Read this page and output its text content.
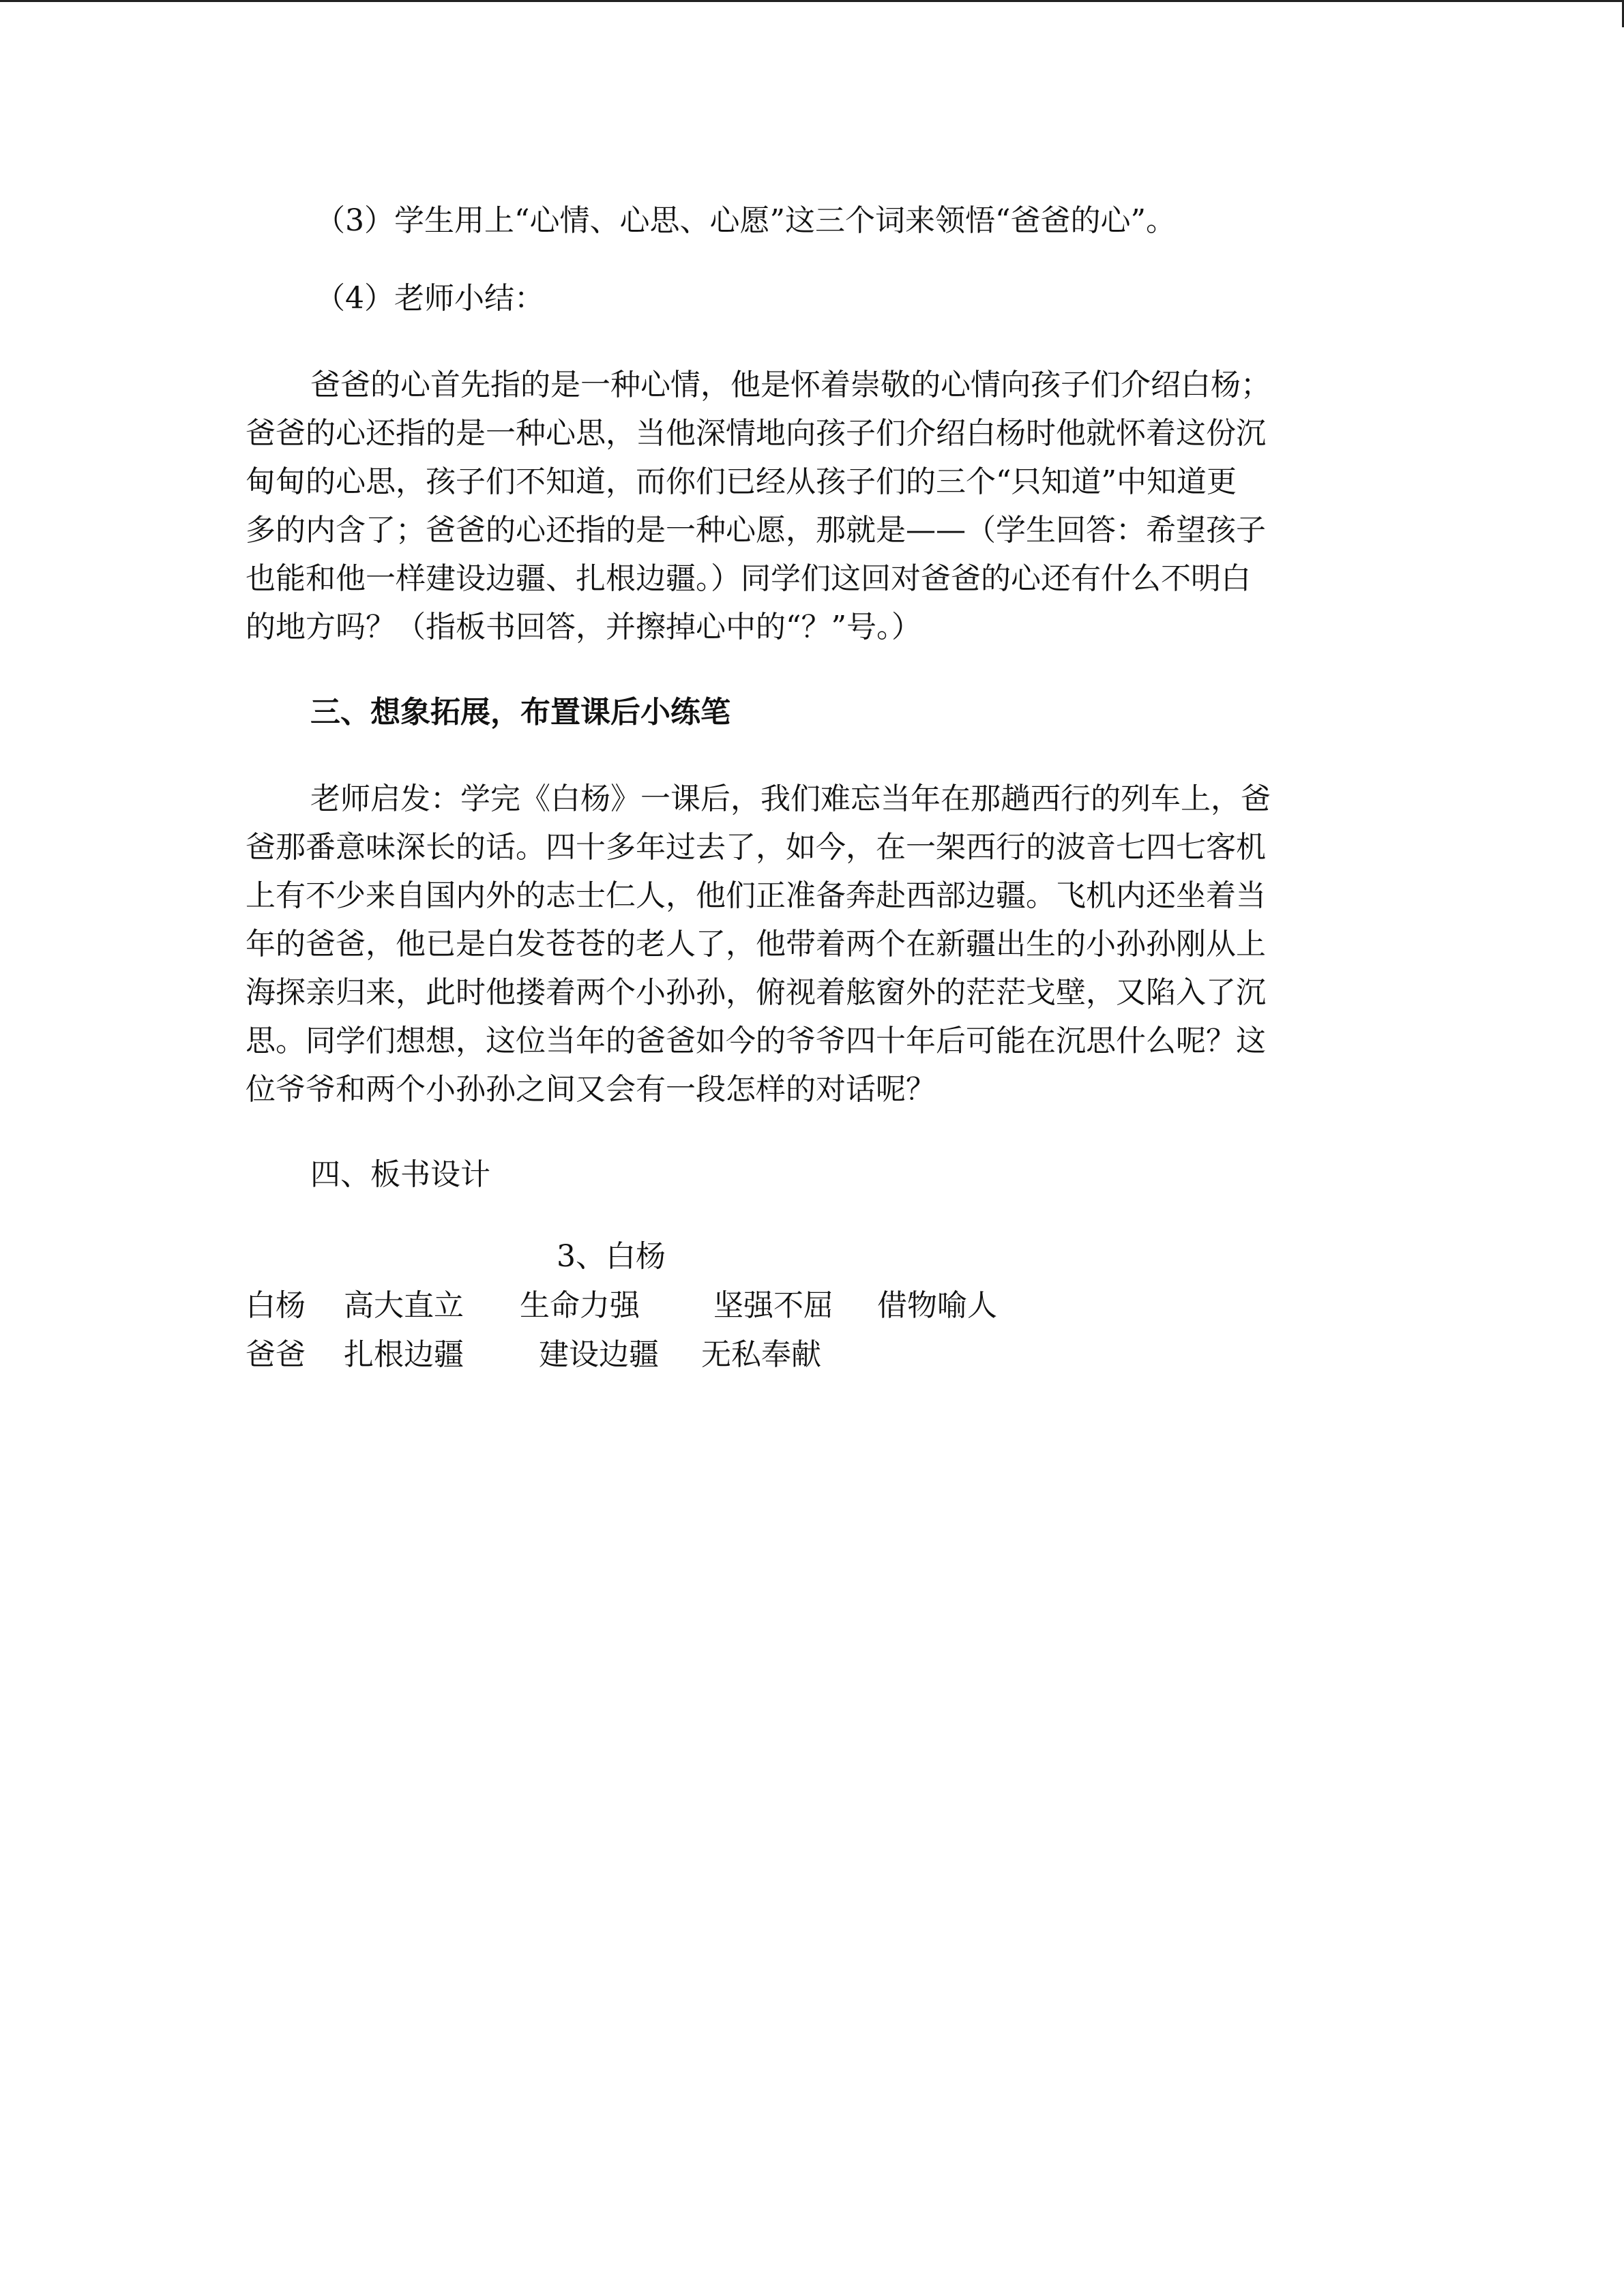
（3）学生用上“心情、心思、心愿”这三个词来领悟“爸爸的心”。

（4）老师小结：

爸爸的心首先指的是一种心情，他是怀着崇敬的心情向孩子们介绍白杨；
爸爸的心还指的是一种心思，当他深情地向孩子们介绍白杨时他就怀着这份沉
甸甸的心思，孩子们不知道，而你们已经从孩子们的三个“只知道”中知道更
多的内含了；爸爸的心还指的是一种心愿，那就是——（学生回答：希望孩子
也能和他一样建设边疆、扎根边疆。）同学们这回对爸爸的心还有什么不明白
的地方吗？（指板书回答，并擦掉心中的“？”号。）

三、想象拓展，布置课后小练笔

老师启发：学完《白杨》一课后，我们难忘当年在那趟西行的列车上，爸
爸那番意味深长的话。四十多年过去了，如今，在一架西行的波音七四七客机
上有不少来自国内外的志士仁人，他们正准备奔赴西部边疆。飞机内还坐着当
年的爸爸，他已是白发苍苍的老人了，他带着两个在新疆出生的小孙孙刚从上
海探亲归来，此时他搂着两个小孙孙，俯视着舷窗外的茫茫戈壁，又陷入了沉
思。同学们想想，这位当年的爸爸如今的爷爷四十年后可能在沉思什么呢？这
位爷爷和两个小孙孙之间又会有一段怎样的对话呢？

四、板书设计

3、白杨
白杨	高大直立	生命力强	坚强不屈	借物喻人
爸爸	扎根边疆	建设边疆	无私奉献
